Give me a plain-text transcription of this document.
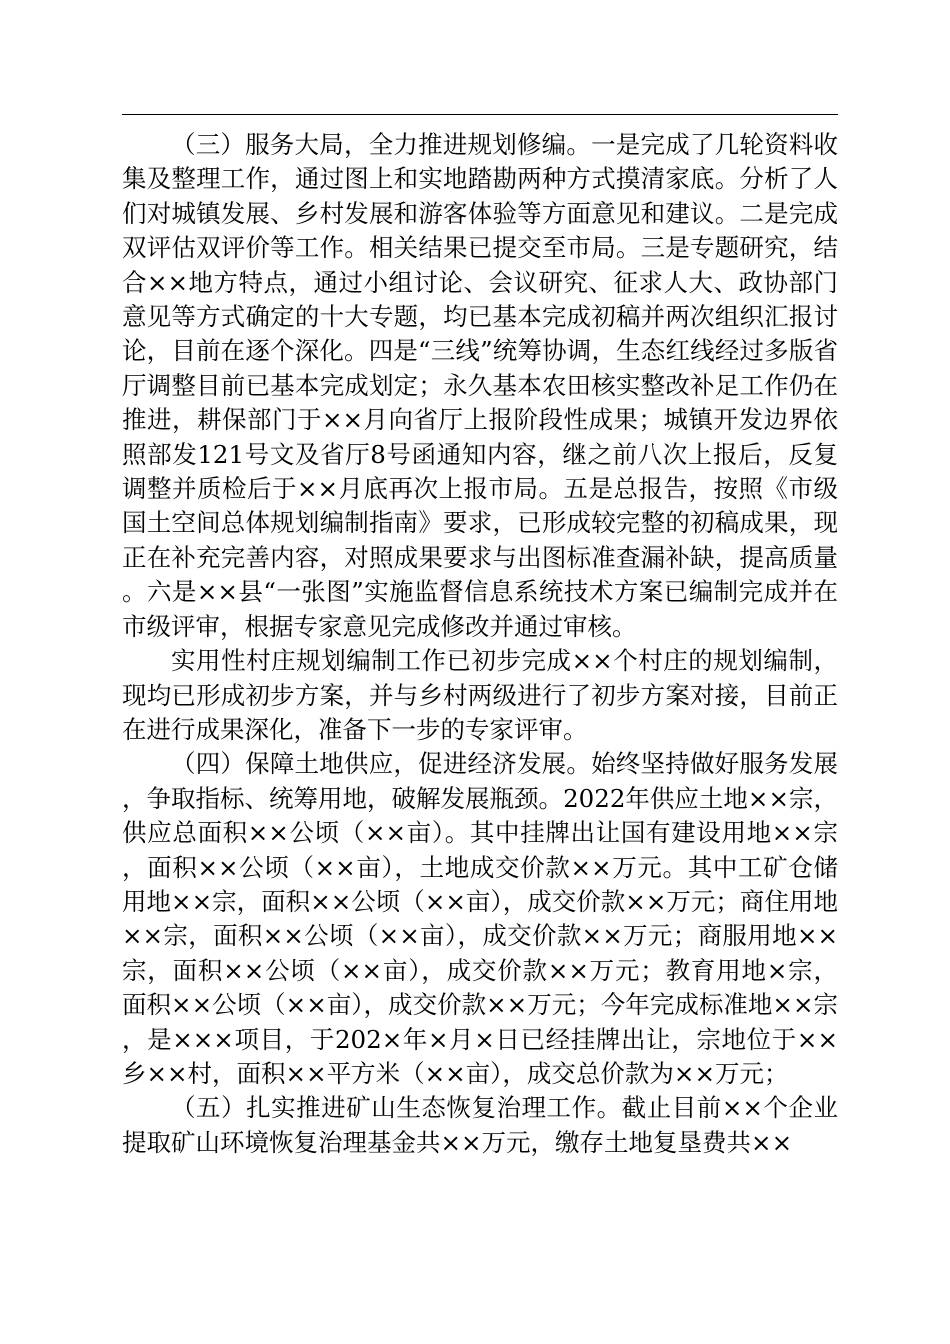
（三）服务大局，全力推进规划修编。一是完成了几轮资料收集及整理工作，通过图上和实地踏勘两种方式摸清家底。分析了人们对城镇发展、乡村发展和游客体验等方面意见和建议。二是完成双评估双评价等工作。相关结果已提交至市局。三是专题研究，结合××地方特点，通过小组讨论、会议研究、征求人大、政协部门意见等方式确定的十大专题，均已基本完成初稿并两次组织汇报讨论，目前在逐个深化。四是“三线”统筹协调，生态红线经过多版省厅调整目前已基本完成划定；永久基本农田核实整改补足工作仍在推进，耕保部门于××月向省厅上报阶段性成果；城镇开发边界依照部发121号文及省厅8号函通知内容，继之前八次上报后，反复调整并质检后于××月底再次上报市局。五是总报告，按照《市级国土空间总体规划编制指南》要求，已形成较完整的初稿成果，现正在补充完善内容，对照成果要求与出图标准查漏补缺，提高质量。六是××县“一张图”实施监督信息系统技术方案已编制完成并在市级评审，根据专家意见完成修改并通过审核。

实用性村庄规划编制工作已初步完成××个村庄的规划编制，现均已形成初步方案，并与乡村两级进行了初步方案对接，目前正在进行成果深化，准备下一步的专家评审。

（四）保障土地供应，促进经济发展。始终坚持做好服务发展，争取指标、统筹用地，破解发展瓶颈。2022年供应土地××宗，供应总面积××公顷（××亩）。其中挂牌出让国有建设用地××宗，面积××公顷（××亩），土地成交价款××万元。其中工矿仓储用地××宗，面积××公顷（××亩），成交价款××万元；商住用地××宗，面积××公顷（××亩），成交价款××万元；商服用地××宗，面积××公顷（××亩），成交价款××万元；教育用地×宗，面积××公顷（××亩），成交价款××万元；今年完成标准地××宗，是×××项目，于202×年×月×日已经挂牌出让，宗地位于××乡××村，面积××平方米（××亩），成交总价款为××万元；

（五）扎实推进矿山生态恢复治理工作。截止目前××个企业提取矿山环境恢复治理基金共××万元，缴存土地复垦费共××
